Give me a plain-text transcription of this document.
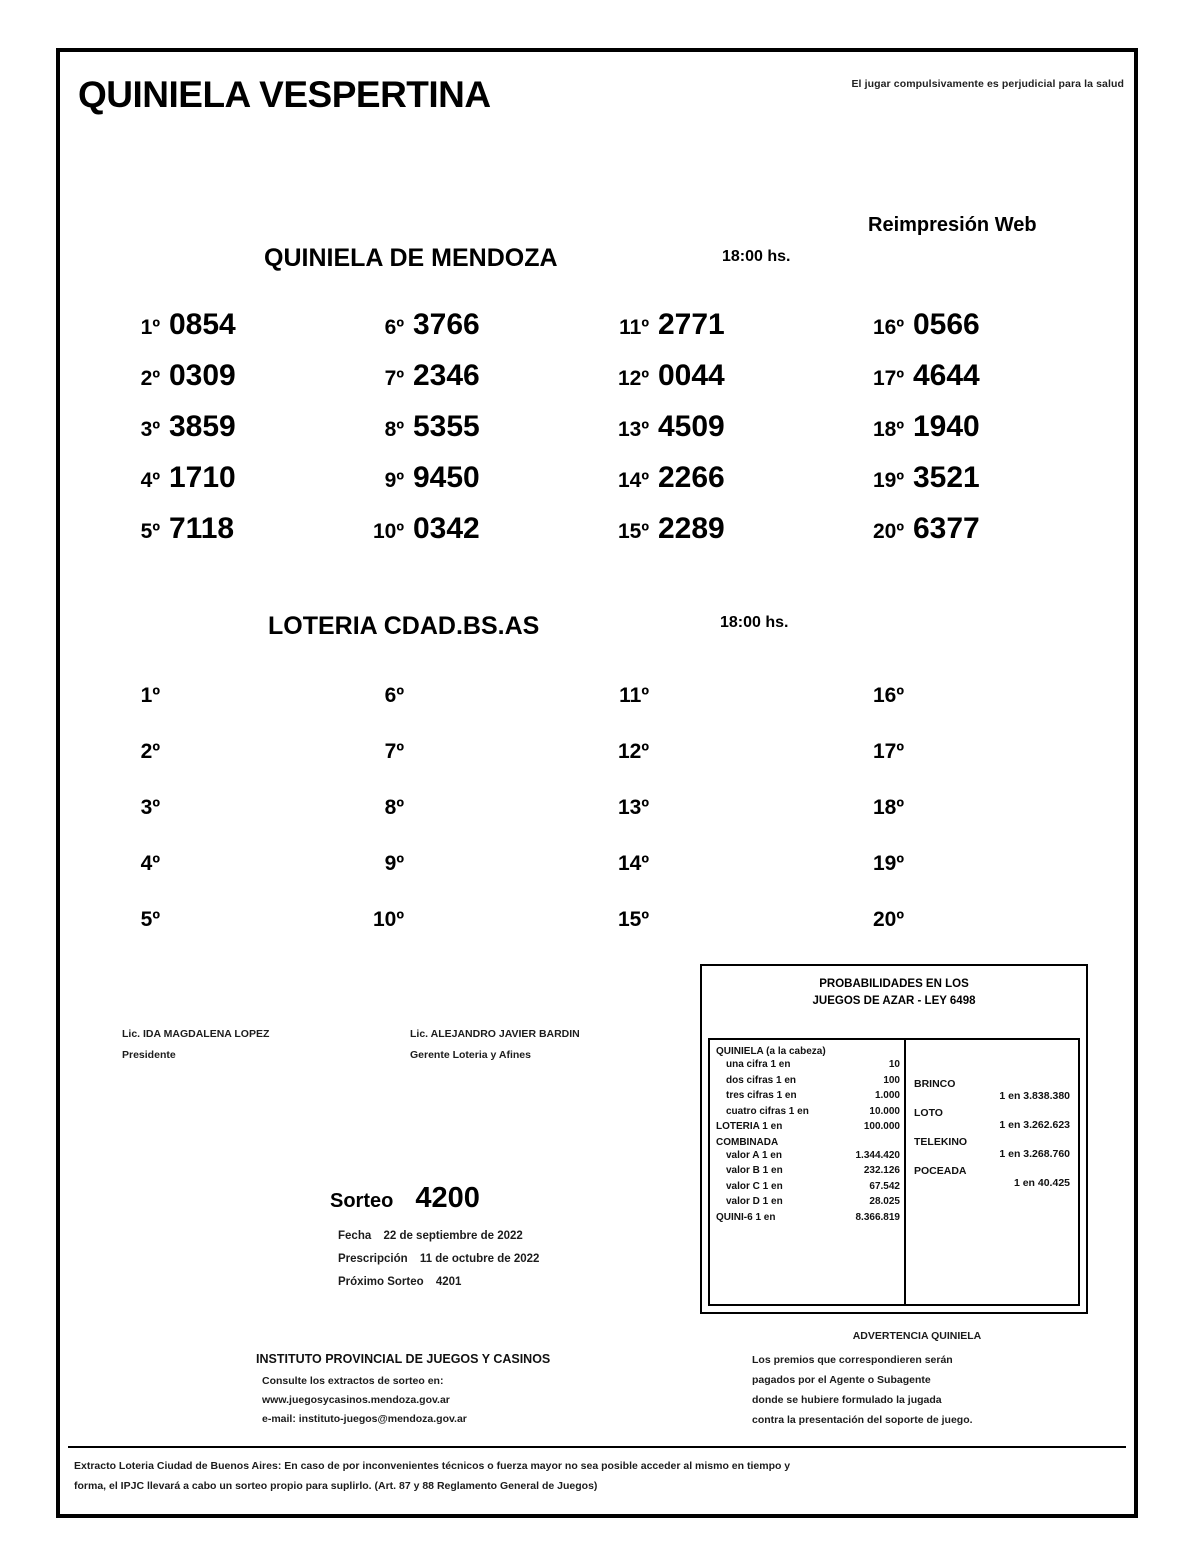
QUINIELA VESPERTINA	El jugar compulsivamente es perjudicial para la salud
Reimpresión Web
QUINIELA DE MENDOZA	18:00 hs.
1º 0854
2º 0309
3º 3859
4º 1710
5º 7118
6º 3766
7º 2346
8º 5355
9º 9450
10º 0342
11º 2771
12º 0044
13º 4509
14º 2266
15º 2289
16º 0566
17º 4644
18º 1940
19º 3521
20º 6377
LOTERIA CDAD.BS.AS	18:00 hs.
1º
2º
3º
4º
5º
6º
7º
8º
9º
10º
11º
12º
13º
14º
15º
16º
17º
18º
19º
20º
Lic. IDA MAGDALENA LOPEZ
Presidente
Lic. ALEJANDRO JAVIER BARDIN
Gerente Loteria y Afines
Sorteo 4200
Fecha 22 de septiembre de 2022
Prescripción 11 de octubre de 2022
Próximo Sorteo 4201
PROBABILIDADES EN LOS
JUEGOS DE AZAR - LEY 6498
QUINIELA (a la cabeza)
una cifra 1 en	10
dos cifras 1 en	100
tres cifras 1 en	1.000
cuatro cifras 1 en	10.000
LOTERIA 1 en	100.000
COMBINADA
valor A 1 en	1.344.420
valor B 1 en	232.126
valor C 1 en	67.542
valor D 1 en	28.025
QUINI-6 1 en	8.366.819
BRINCO
1 en 3.838.380
LOTO
1 en 3.262.623
TELEKINO
1 en 3.268.760
POCEADA
1 en 40.425
ADVERTENCIA QUINIELA
Los premios que correspondieren serán
pagados por el Agente o Subagente
donde se hubiere formulado la jugada
contra la presentación del soporte de juego.
INSTITUTO PROVINCIAL DE JUEGOS Y CASINOS
Consulte los extractos de sorteo en:
www.juegosycasinos.mendoza.gov.ar
e-mail: instituto-juegos@mendoza.gov.ar
Extracto Loteria Ciudad de Buenos Aires: En caso de por inconvenientes técnicos o fuerza mayor no sea posible acceder al mismo en tiempo y
forma, el IPJC llevará a cabo un sorteo propio para suplirlo. (Art. 87 y 88 Reglamento General de Juegos)
